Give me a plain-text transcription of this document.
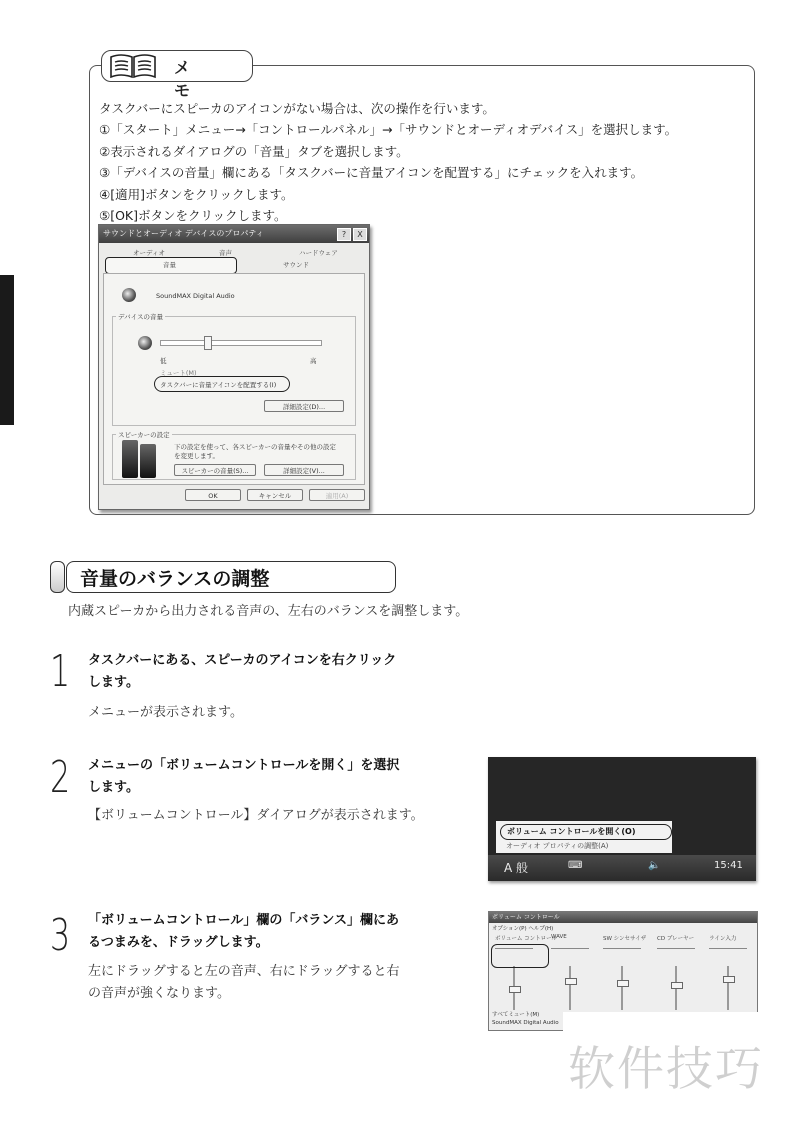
メ モ
タスクバーにスピーカのアイコンがない場合は、次の操作を行います。
①「スタート」メニュー→「コントロールパネル」→「サウンドとオーディオデバイス」を選択します。
②表示されるダイアログの「音量」タブを選択します。
③「デバイスの音量」欄にある「タスクバーに音量アイコンを配置する」にチェックを入れます。
④[適用]ボタンをクリックします。
⑤[OK]ボタンをクリックします。
サウンドとオーディオ デバイスのプロパティ	?	X
オーディオ	音声	ハードウェア
音量	サウンド
SoundMAX Digital Audio
デバイスの音量
低	高
ミュート(M)
タスクバーに音量アイコンを配置する(I)
詳細設定(D)...
スピーカーの設定
下の設定を使って、各スピーカーの音量やその他の設定
を変更します。
スピーカーの音量(S)...	詳細設定(V)...
OK	キャンセル	適用(A)
音量のバランスの調整
内蔵スピーカから出力される音声の、左右のバランスを調整します。
1 タスクバーにある、スピーカのアイコンを右クリック
します。
メニューが表示されます。
2 メニューの「ボリュームコントロールを開く」を選択
します。
【ボリュームコントロール】ダイアログが表示されます。
3 「ボリュームコントロール」欄の「バランス」欄にあ
るつまみを、ドラッグします。
左にドラッグすると左の音声、右にドラッグすると右
の音声が強くなります。
ボリューム コントロールを開く(O)
オーディオ プロパティの調整(A)
A 般	⌨	🔈	15:41
ボリューム コントロール
オプション(P) ヘルプ(H)
ボリューム コントロール
WAVE	SW シンセサイザ CD プレーヤー	ライン入力
すべてミュート(M)
SoundMAX Digital Audio
软件技巧
